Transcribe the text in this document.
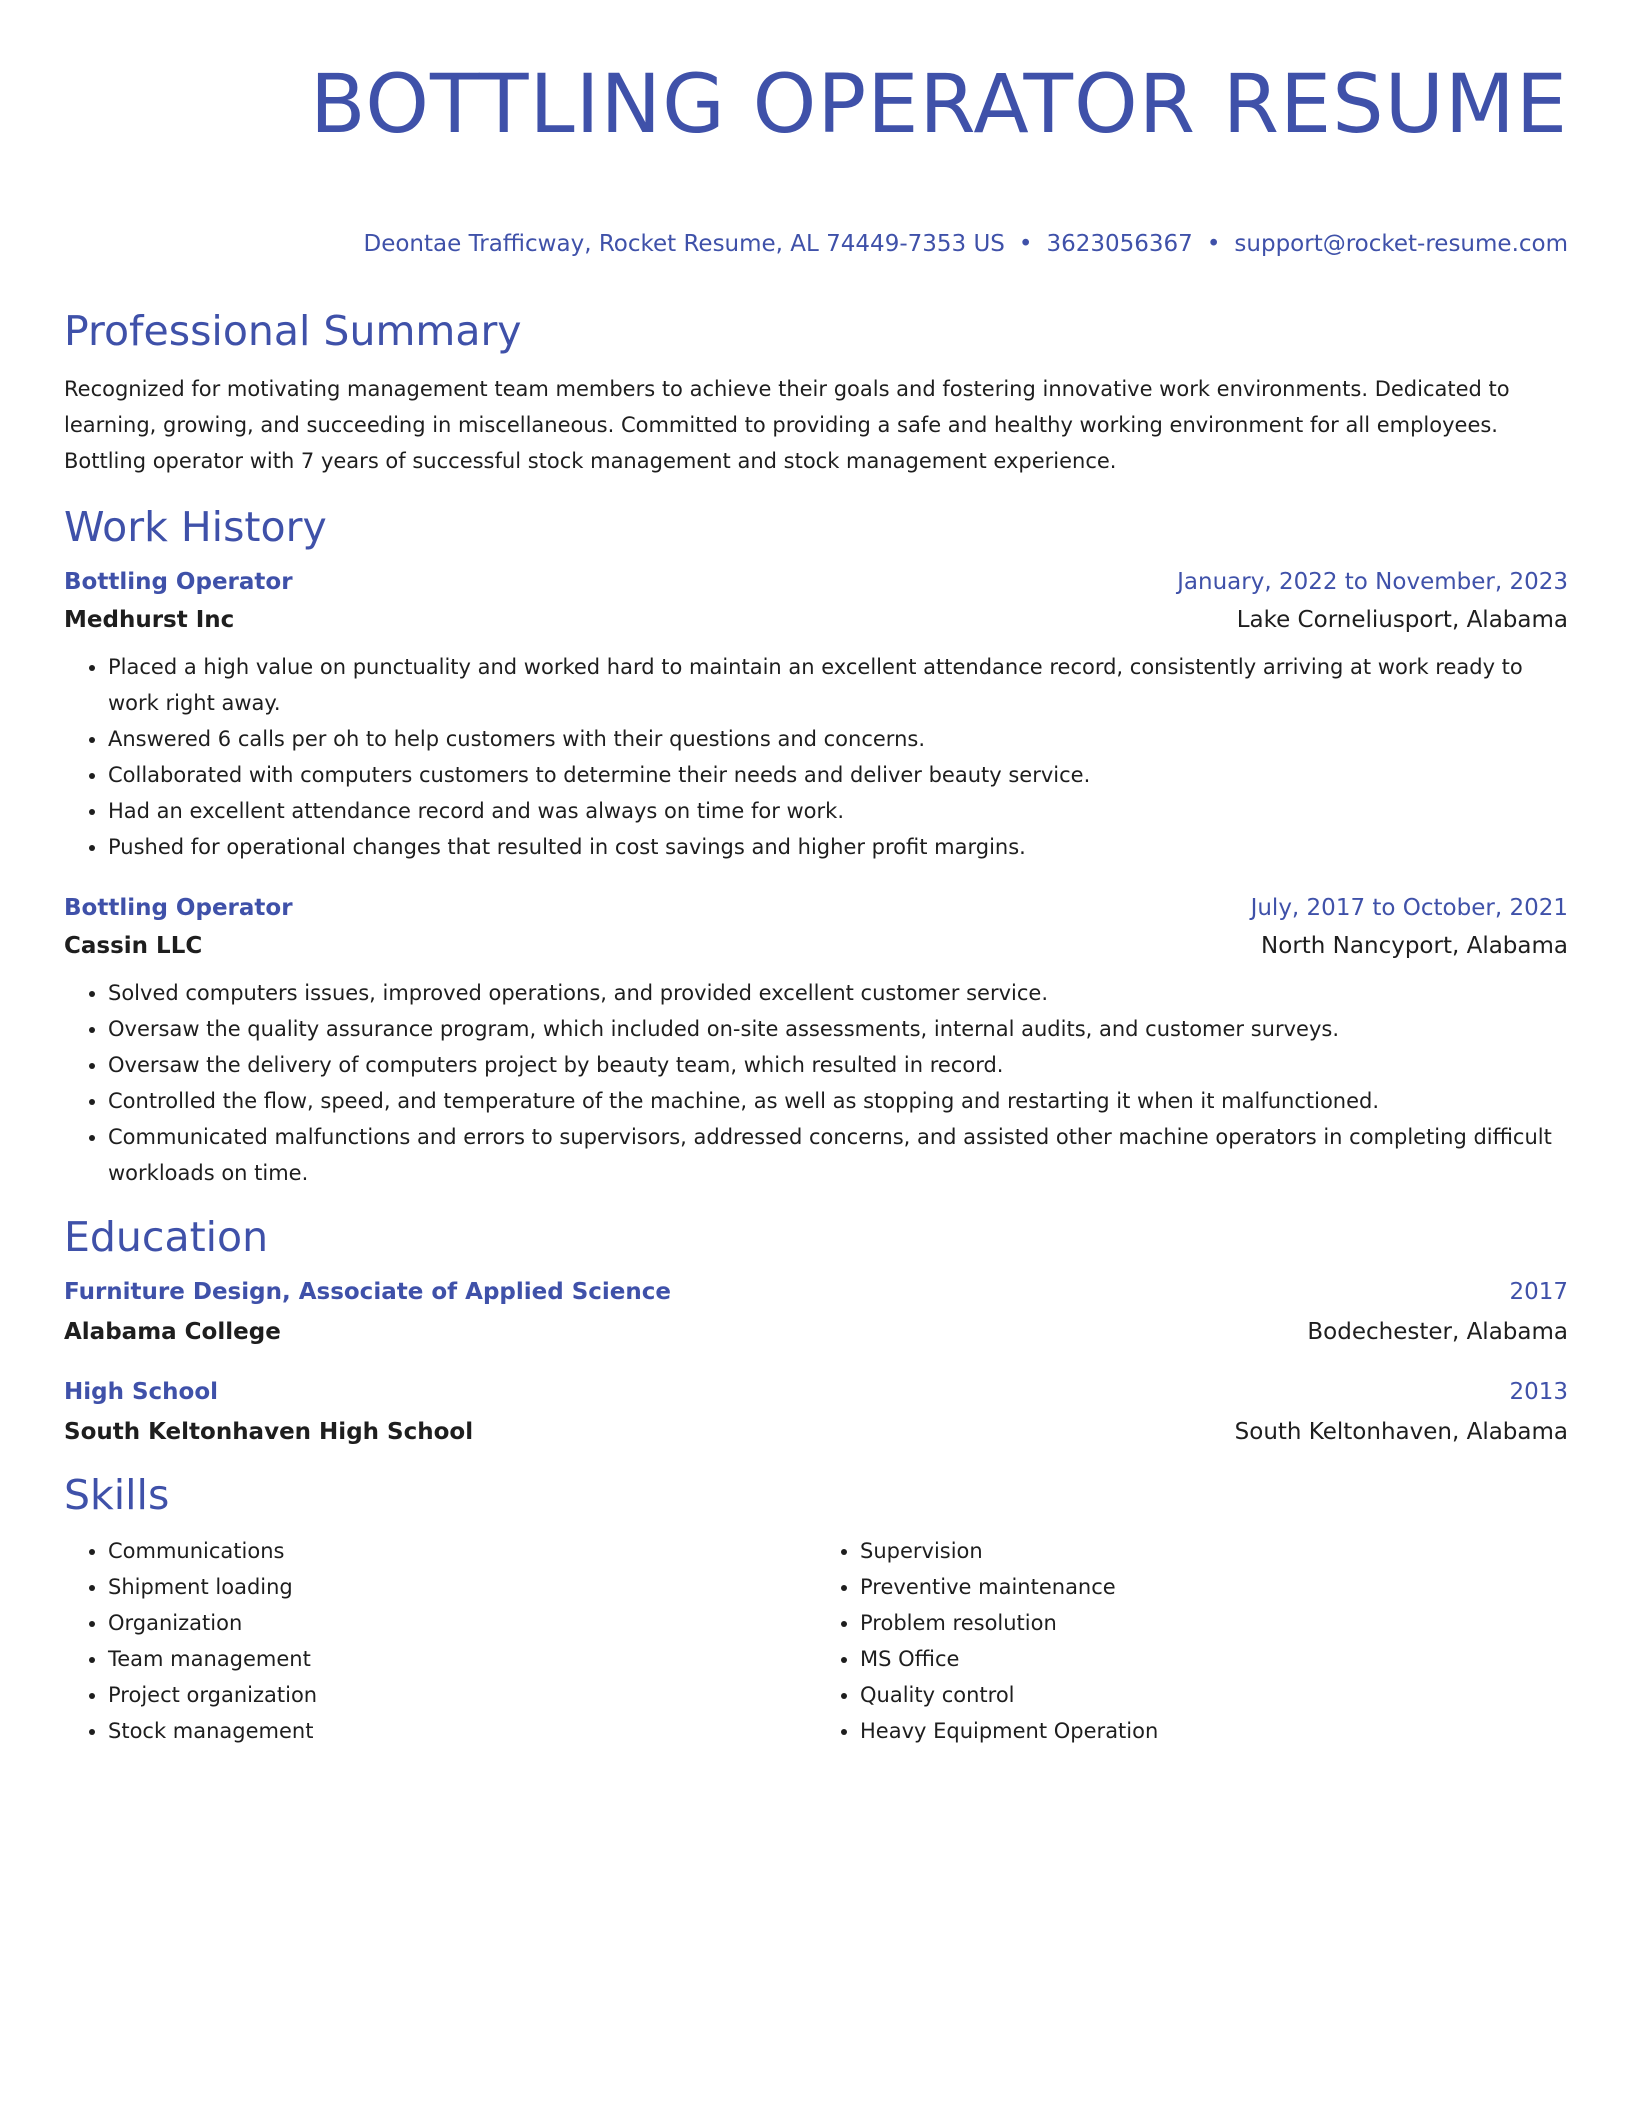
BOTTLING OPERATOR RESUME
Deontae Trafficway, Rocket Resume, AL 74449-7353 US • 3623056367 • support@rocket-resume.com
Professional Summary

Recognized for motivating management team members to achieve their goals and fostering innovative work environments. Dedicated to learning, growing, and succeeding in miscellaneous. Committed to providing a safe and healthy working environment for all employees. Bottling operator with 7 years of successful stock management and stock management experience.

Work History
Bottling Operator	January, 2022 to November, 2023
Medhurst Inc	Lake Corneliusport, Alabama
• Placed a high value on punctuality and worked hard to maintain an excellent attendance record, consistently arriving at work ready to work right away.
• Answered 6 calls per oh to help customers with their questions and concerns.
• Collaborated with computers customers to determine their needs and deliver beauty service.
• Had an excellent attendance record and was always on time for work.
• Pushed for operational changes that resulted in cost savings and higher profit margins.
Bottling Operator	July, 2017 to October, 2021
Cassin LLC	North Nancyport, Alabama
• Solved computers issues, improved operations, and provided excellent customer service.
• Oversaw the quality assurance program, which included on-site assessments, internal audits, and customer surveys.
• Oversaw the delivery of computers project by beauty team, which resulted in record.
• Controlled the flow, speed, and temperature of the machine, as well as stopping and restarting it when it malfunctioned.
• Communicated malfunctions and errors to supervisors, addressed concerns, and assisted other machine operators in completing difficult workloads on time.
Education
Furniture Design, Associate of Applied Science	2017
Alabama College	Bodechester, Alabama
High School	2013
South Keltonhaven High School	South Keltonhaven, Alabama
Skills
• Communications
• Shipment loading
• Organization
• Team management
• Project organization
• Stock management
• Supervision
• Preventive maintenance
• Problem resolution
• MS Office
• Quality control
• Heavy Equipment Operation
